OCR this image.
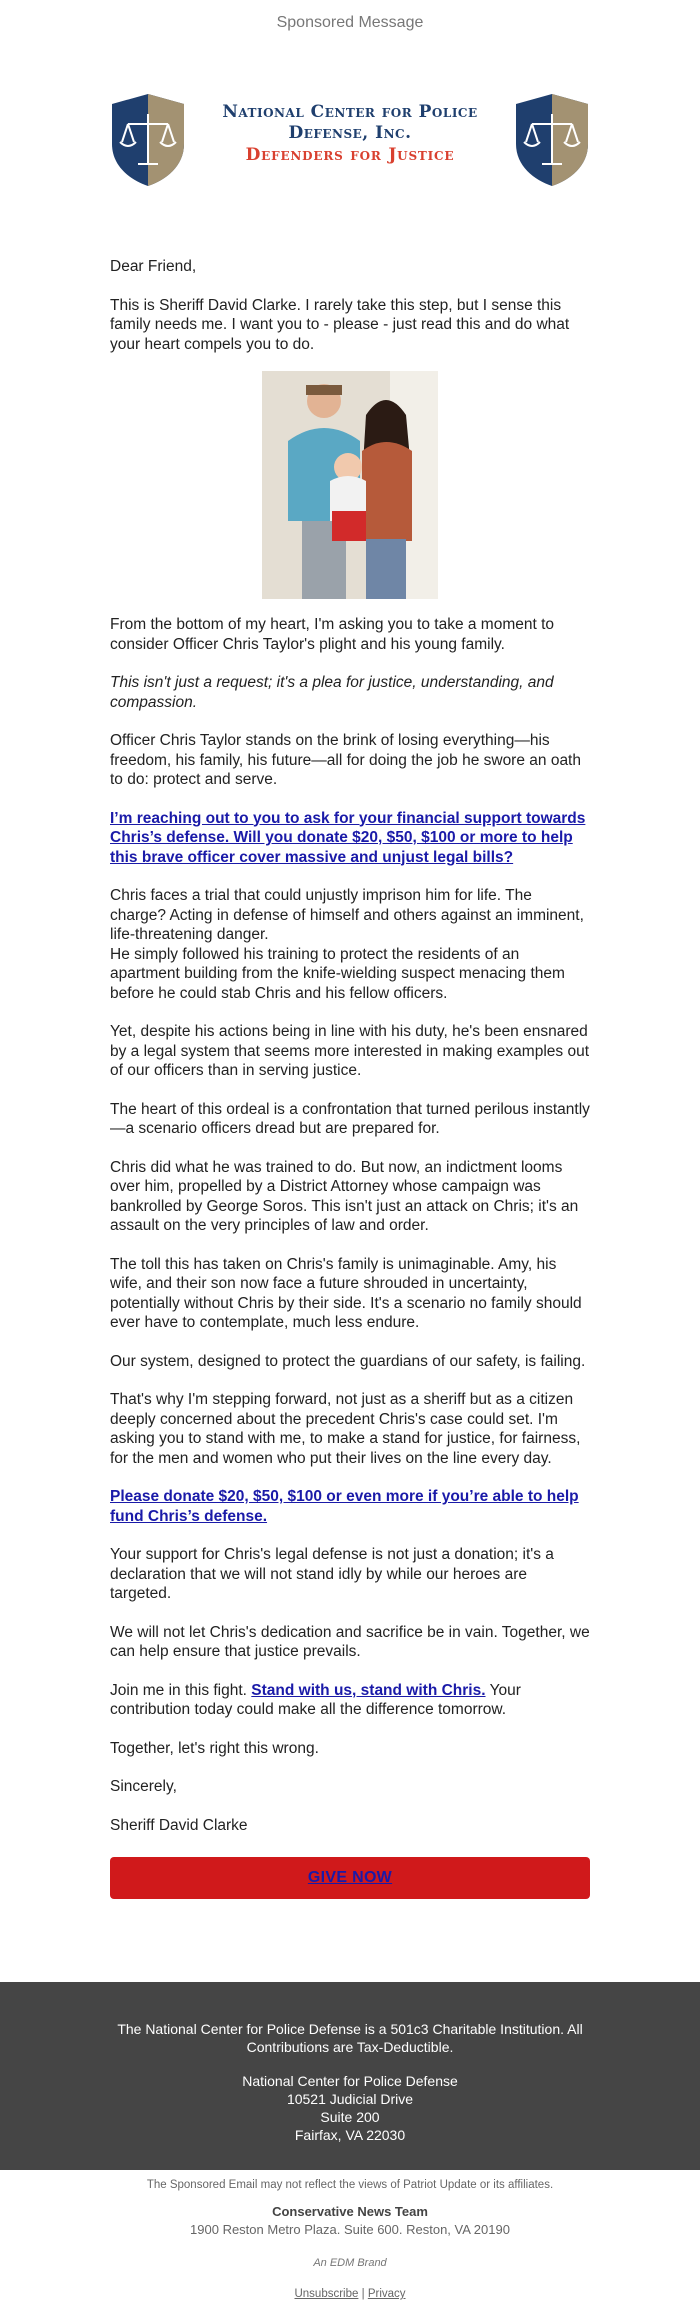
Sponsored Message
National Center for Police
Defense, Inc.
Defenders for Justice

Dear Friend,

This is Sheriff David Clarke. I rarely take this step, but I sense this family needs me. I want you to - please - just read this and do what your heart compels you to do.

From the bottom of my heart, I'm asking you to take a moment to consider Officer Chris Taylor's plight and his young family.

This isn't just a request; it's a plea for justice, understanding, and compassion.

Officer Chris Taylor stands on the brink of losing everything—his freedom, his family, his future—all for doing the job he swore an oath to do: protect and serve.

I’m reaching out to you to ask for your financial support towards Chris’s defense. Will you donate $20, $50, $100 or more to help this brave officer cover massive and unjust legal bills?

Chris faces a trial that could unjustly imprison him for life. The charge? Acting in defense of himself and others against an imminent, life-threatening danger.

He simply followed his training to protect the residents of an apartment building from the knife-wielding suspect menacing them before he could stab Chris and his fellow officers.

Yet, despite his actions being in line with his duty, he's been ensnared by a legal system that seems more interested in making examples out of our officers than in serving justice.

The heart of this ordeal is a confrontation that turned perilous instantly—a scenario officers dread but are prepared for.

Chris did what he was trained to do. But now, an indictment looms over him, propelled by a District Attorney whose campaign was bankrolled by George Soros. This isn't just an attack on Chris; it's an assault on the very principles of law and order.

The toll this has taken on Chris's family is unimaginable. Amy, his wife, and their son now face a future shrouded in uncertainty, potentially without Chris by their side. It's a scenario no family should ever have to contemplate, much less endure.

Our system, designed to protect the guardians of our safety, is failing.

That's why I'm stepping forward, not just as a sheriff but as a citizen deeply concerned about the precedent Chris's case could set. I'm asking you to stand with me, to make a stand for justice, for fairness, for the men and women who put their lives on the line every day.

Please donate $20, $50, $100 or even more if you’re able to help fund Chris’s defense.

Your support for Chris's legal defense is not just a donation; it's a declaration that we will not stand idly by while our heroes are targeted.

We will not let Chris's dedication and sacrifice be in vain. Together, we can help ensure that justice prevails.

Join me in this fight. Stand with us, stand with Chris. Your contribution today could make all the difference tomorrow.

Together, let's right this wrong.

Sincerely,

Sheriff David Clarke

GIVE NOW
The National Center for Police Defense is a 501c3 Charitable Institution. All Contributions are Tax-Deductible.
National Center for Police Defense
10521 Judicial Drive
Suite 200
Fairfax, VA 22030
The Sponsored Email may not reflect the views of Patriot Update or its affiliates.
Conservative News Team
1900 Reston Metro Plaza. Suite 600. Reston, VA 20190
An EDM Brand
Unsubscribe | Privacy
